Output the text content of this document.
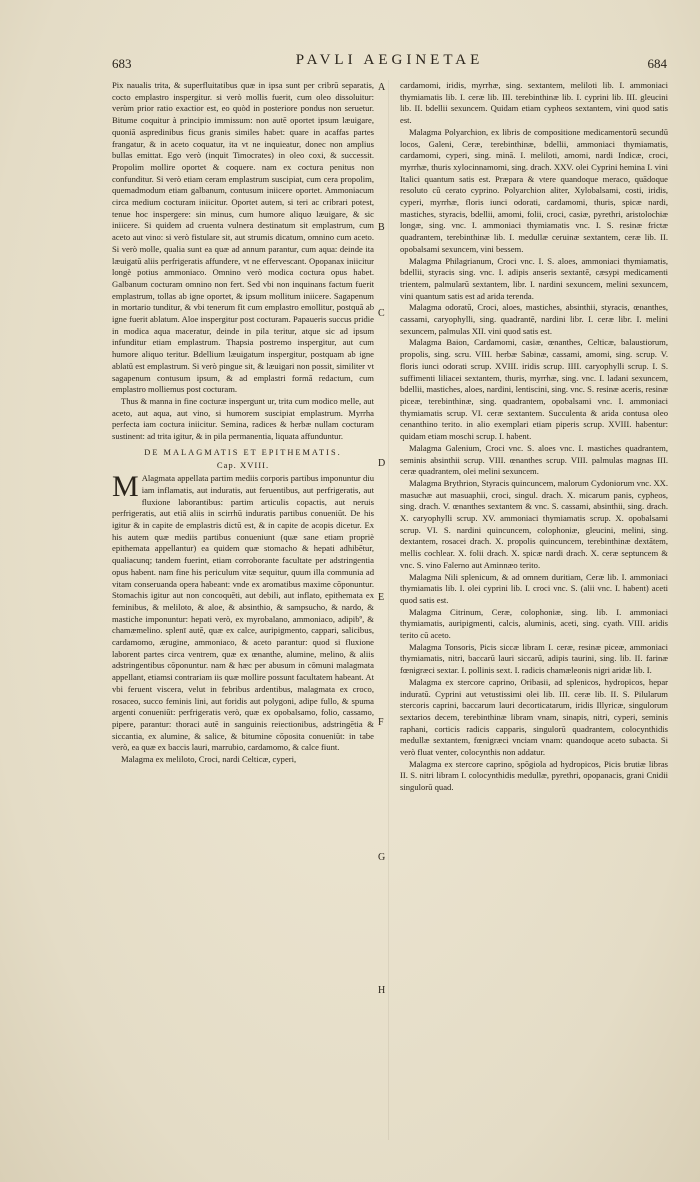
683	PAVLI AEGINETAE	684
A
B
C
D
E
F
G
H

Pix naualis trita, & superfluitatibus quæ in ipsa sunt per cribrū separatis, cocto emplastro inspergitur. si verò mollis fuerit, cum oleo dissoluitur: verùm prior ratio exactior est, eo quòd in posteriore pondus non seruetur. Bitume coquitur à principio immissum: non autē oportet ipsum læuigare, quoniā aspredinibus ficus granis similes habet: quare in acaffas partes frangatur, & in aceto coquatur, ita vt ne inquieatur, donec non amplius bullas emittat. Ego verò (inquit Timocrates) in oleo coxi, & successit. Propolim mollire oportet & coquere. nam ex coctura penitus non confunditur. Si verò etiam ceram emplastrum suscipiat, cum cera propolim, quemadmodum etiam galbanum, contusum iniicere oportet. Ammoniacum circa medium cocturam iniicitur. Oportet autem, si teri ac cribrari potest, tenue hoc inspergere: sin minus, cum humore aliquo læuigare, & sic iniicere. Si quidem ad cruenta vulnera destinatum sit emplastrum, cum aceto aut vino: si verò fistulare sit, aut strumis dicatum, omnino cum aceto. Si verò molle, qualia sunt ea quæ ad annum parantur, cum aqua: deinde ita læuigatū aliis perfrigeratis affundere, vt ne effervescant. Opopanax iniicitur longè potius ammoniaco. Omnino verò modica coctura opus habet. Galbanum cocturam omnino non fert. Sed vbi non inquinans factum fuerit emplastrum, tollas ab igne oportet, & ipsum mollitum iniicere. Sagapenum in mortario tunditur, & vbi tenerum fit cum emplastro emollitur, postquā ab igne fuerit ablatum. Aloe inspergitur post cocturam. Papaueris succus pridie in modica aqua maceratur, deinde in pila teritur, atque sic ad ipsum infunditur etiam emplastrum. Thapsia postremo inspergitur, aut cum humore aliquo teritur. Bdellium læuigatum inspergitur, postquam ab igne ablatū est emplastrum. Si verò pingue sit, & læuigari non possit, similiter vt sagapenum contusum ipsum, & ad emplastri formā redactum, cum emplastro molliemus post cocturam.

Thus & manna in fine cocturæ inspergunt ur, trita cum modico melle, aut aceto, aut aqua, aut vino, si humorem suscipiat emplastrum. Myrrha perfecta iam coctura iniicitur. Semina, radices & herbæ nullam cocturam sustinent: ad trita igitur, & in pila permanentia, liquata affunduntur.

DE MALAGMATIS ET EPITHEMATIS.
Cap. XVIII.

M Alagmata appellata partim mediis corporis partibus imponuntur diu iam inflamatis, aut induratis, aut feruentibus, aut perfrigeratis, aut fluxione laborantibus: partim articulis copactis, aut neruis perfrigeratis, aut etiā aliis in scirrhū induratis partibus conueniūt. De his igitur & in capite de emplastris dictū est, & in capite de acopis dicetur. Ex his autem quæ mediis partibus conueniunt (quæ sane etiam propriè epithemata appellantur) ea quidem quæ stomacho & hepati adhibētur, qualiacunq; tandem fuerint, etiam corroborante facultate per adstringentia opus habent. nam fine his periculum vitæ sequitur, quum illa communia ad vitam conseruanda opera habeant: vnde ex aromatibus maxime cōponuntur. Stomachis igitur aut non concoquēti, aut debili, aut inflato, epithemata ex feminibus, & meliloto, & aloe, & absinthio, & sampsucho, & nardo, & mastiche imponuntur: hepati verò, ex myrobalano, ammoniaco, adipibº, & chamæmelino. splenī autē, quæ ex calce, auripigmento, cappari, salicibus, cardamomo, ærugine, ammoniaco, & aceto parantur: quod si fluxione laborent partes circa ventrem, quæ ex œnanthe, alumine, melino, & aliis adstringentibus cōponuntur. nam & hæc per abusum in cōmuni malagmata appellant, etiamsi contrariam iis quæ mollire possunt facultatem habeant. At vbi feruent viscera, velut in febribus ardentibus, malagmata ex croco, rosaceo, succo feminis lini, aut foridis aut polygoni, adipe fullo, & spuma argenti conueniūt: perfrigeratis verò, quæ ex opobalsamo, folio, cassamo, pipere, parantur: thoraci autē in sanguinis reiectionibus, adstringētia & siccantia, ex alumine, & salice, & bitumine cōposita conueniūt: in tabe verò, ea quæ ex baccis lauri, marrubio, cardamomo, & calce fiunt.

Malagma ex meliloto, Croci, nardi Celticæ, cyperi,

cardamomi, iridis, myrrhæ, sing. sextantem, meliloti lib. I. ammoniaci thymiamatis lib. I. ceræ lib. III. terebinthinæ lib. I. cyprini lib. III. gleucini lib. II. bdellii sexuncem. Quidam etiam cypheos sextantem, vini quod satis est.

Malagma Polyarchion, ex libris de compositione medicamentorū secundū locos, Galeni, Ceræ, terebinthinæ, bdellii, ammoniaci thymiamatis, cardamomi, cyperi, sing. minā. I. meliloti, amomi, nardi Indicæ, croci, myrrhæ, thuris xylocinnamomi, sing. drach. XXV. olei Cyprini hemina I. vini Italici quantum satis est. Præpara & vtere quandoque meraco, quādoque resoluto cū cerato cyprino. Polyarchion aliter, Xylobalsami, costi, iridis, cyperi, myrrhæ, floris iunci odorati, cardamomi, thuris, spicæ nardi, mastiches, styracis, bdellii, amomi, folii, croci, casiæ, pyrethri, aristolochiæ longæ, sing. vnc. I. ammoniaci thymiamatis vnc. I. S. resinæ frictæ quadrantem, terebinthinæ lib. I. medullæ ceruinæ sextantem, ceræ lib. II. opobalsami sexuncem, vini bessem.

Malagma Philagrianum, Croci vnc. I. S. aloes, ammoniaci thymiamatis, bdellii, styracis sing. vnc. I. adipis anseris sextantē, cæsypi medicamenti trientem, palmularū sextantem, libr. I. nardini sexuncem, melini sexuncem, vini quantum satis est ad arida terenda.

Malagma odoratū, Croci, aloes, mastiches, absinthii, styracis, œnanthes, cassami, caryophylli, sing. quadrantē, nardini libr. I. ceræ libr. I. melini sexuncem, palmulas XII. vini quod satis est.

Malagma Baion, Cardamomi, casiæ, œnanthes, Celticæ, balaustiorum, propolis, sing. scru. VIII. herbæ Sabinæ, cassami, amomi, sing. scrup. V. floris iunci odorati scrup. XVIII. iridis scrup. IIII. caryophylli scrup. I. S. suffimenti liliacei sextantem, thuris, myrrhæ, sing. vnc. I. ladani sexuncem, bdellii, mastiches, aloes, nardini, lentiscini, sing. vnc. S. resinæ aceris, resinæ piceæ, terebinthinæ, sing. quadrantem, opobalsami vnc. I. ammoniaci thymiamatis scrup. VI. ceræ sextantem. Succulenta & arida contusa oleo cenanthino terito. in alio exemplari etiam piperis scrup. XVIII. habentur: quidam etiam moschi scrup. I. habent.

Malagma Galenium, Croci vnc. S. aloes vnc. I. mastiches quadrantem, seminis absinthii scrup. VIII. œnanthes scrup. VIII. palmulas magnas III. ceræ quadrantem, olei melini sexuncem.

Malagma Brythrion, Styracis quincuncem, malorum Cydoniorum vnc. XX. masuchæ aut masuaphii, croci, singul. drach. X. micarum panis, cypheos, sing. drach. V. œnanthes sextantem & vnc. S. cassami, absinthii, sing. drach. X. caryophylli scrup. XV. ammoniaci thymiamatis scrup. X. opobalsami scrup. VI. S. nardini quincuncem, colophoniæ, gleucini, melini, sing. dextantem, rosacei drach. X. propolis quincuncem, terebinthinæ dextātem, mellis cochlear. X. folii drach. X. spicæ nardi drach. X. ceræ septuncem & vnc. S. vino Falerno aut Aminnæo terito.

Malagma Nili splenicum, & ad omnem duritiam, Ceræ lib. I. ammoniaci thymiamatis lib. I. olei cyprini lib. I. croci vnc. S. (alii vnc. I. habent) aceti quod satis est.

Malagma Citrinum, Ceræ, colophoniæ, sing. lib. I. ammoniaci thymiamatis, auripigmenti, calcis, aluminis, aceti, sing. cyath. VIII. aridis terito cū aceto.

Malagma Tonsoris, Picis siccæ libram I. ceræ, resinæ piceæ, ammoniaci thymiamatis, nitri, baccarū lauri siccarū, adipis taurini, sing. lib. II. farinæ fœnigræci sextar. I. pollinis sext. I. radicis chamæleonis nigri aridæ lib. I.

Malagma ex stercore caprino, Oribasii, ad splenicos, hydropicos, hepar induratū. Cyprini aut vetustissimi olei lib. III. ceræ lib. II. S. Pilularum stercoris caprini, baccarum lauri decorticatarum, iridis Illyricæ, singulorum sextarios decem, terebinthinæ libram vnam, sinapis, nitri, cyperi, seminis raphani, corticis radicis capparis, singulorū quadrantem, colocynthidis medullæ sextantem, fœnigræci vnciam vnam: quandoque aceto subacta. Si verò fluat venter, colocynthis non addatur.

Malagma ex stercore caprino, spōgiola ad hydropicos, Picis brutiæ libras II. S. nitri libram I. colocynthidis medullæ, pyrethri, opopanacis, grani Cnidii singulorū quad.
